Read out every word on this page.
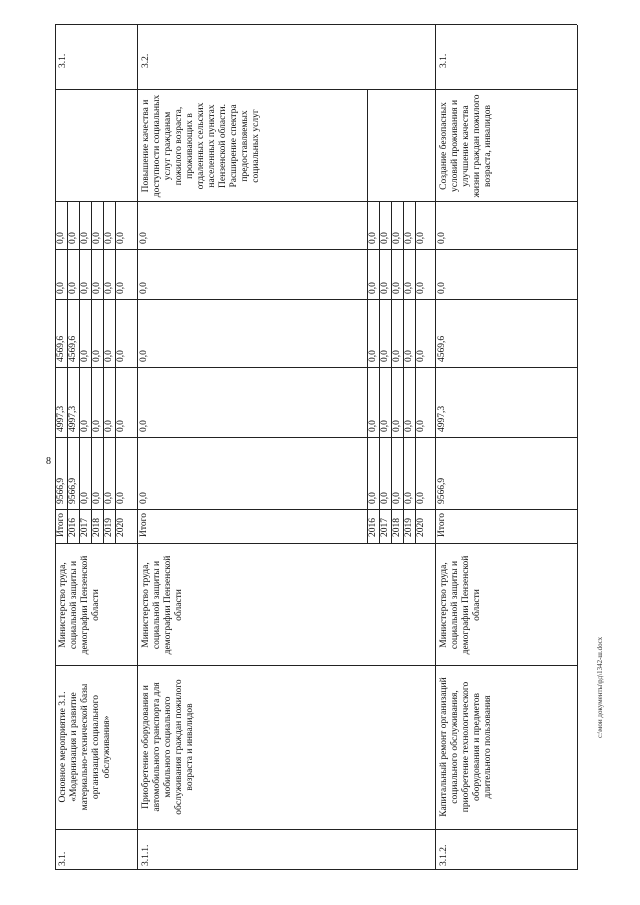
8
c:\мои документы\рд\1342-ш.docx
3.1.
Основное мероприятие 3.1. «Модернизация и развитие материально-технической базы организаций социального обслуживания»
Министерство труда, социальной защиты и демографии Пензенской области
Итого 2016 2017 2018 2019 2020
9566,9 9566,9 0,0 0,0 0,0 0,0
4997,3 4997,3 0,0 0,0 0,0 0,0
4569,6 4569,6 0,0 0,0 0,0 0,0
0,0 0,0 0,0 0,0 0,0 0,0
0,0 0,0 0,0 0,0 0,0 0,0
3.1.
3.1.1.
Приобретение оборудования и автомобильного транспорта для мобильного социального обслуживания граждан пожилого возраста и инвалидов
Министерство труда, социальной защиты и демографии Пензенской области
Итого
0,0
0,0
0,0
0,0
0,0
2016 2017 2018 2019 2020
0,0 0,0 0,0 0,0 0,0
0,0 0,0 0,0 0,0 0,0
0,0 0,0 0,0 0,0 0,0
0,0 0,0 0,0 0,0 0,0
0,0 0,0 0,0 0,0 0,0
Повышение качества и доступности социальных услуг гражданам пожилого возраста, проживающих в отдаленных сельских населенных пунктах Пензенской области. Расширение спектра предоставляемых социальных услуг
3.2.
3.1.2.
Капитальный ремонт организаций социального обслуживания, приобретение технологического оборудования и предметов длительного пользования
Министерство труда, социальной защиты и демографии Пензенской области
Итого
9566,9
4997,3
4569,6
0,0
0,0
Создание безопасных условий проживания и улучшение качества жизни граждан пожилого возраста, инвалидов
3.1.
